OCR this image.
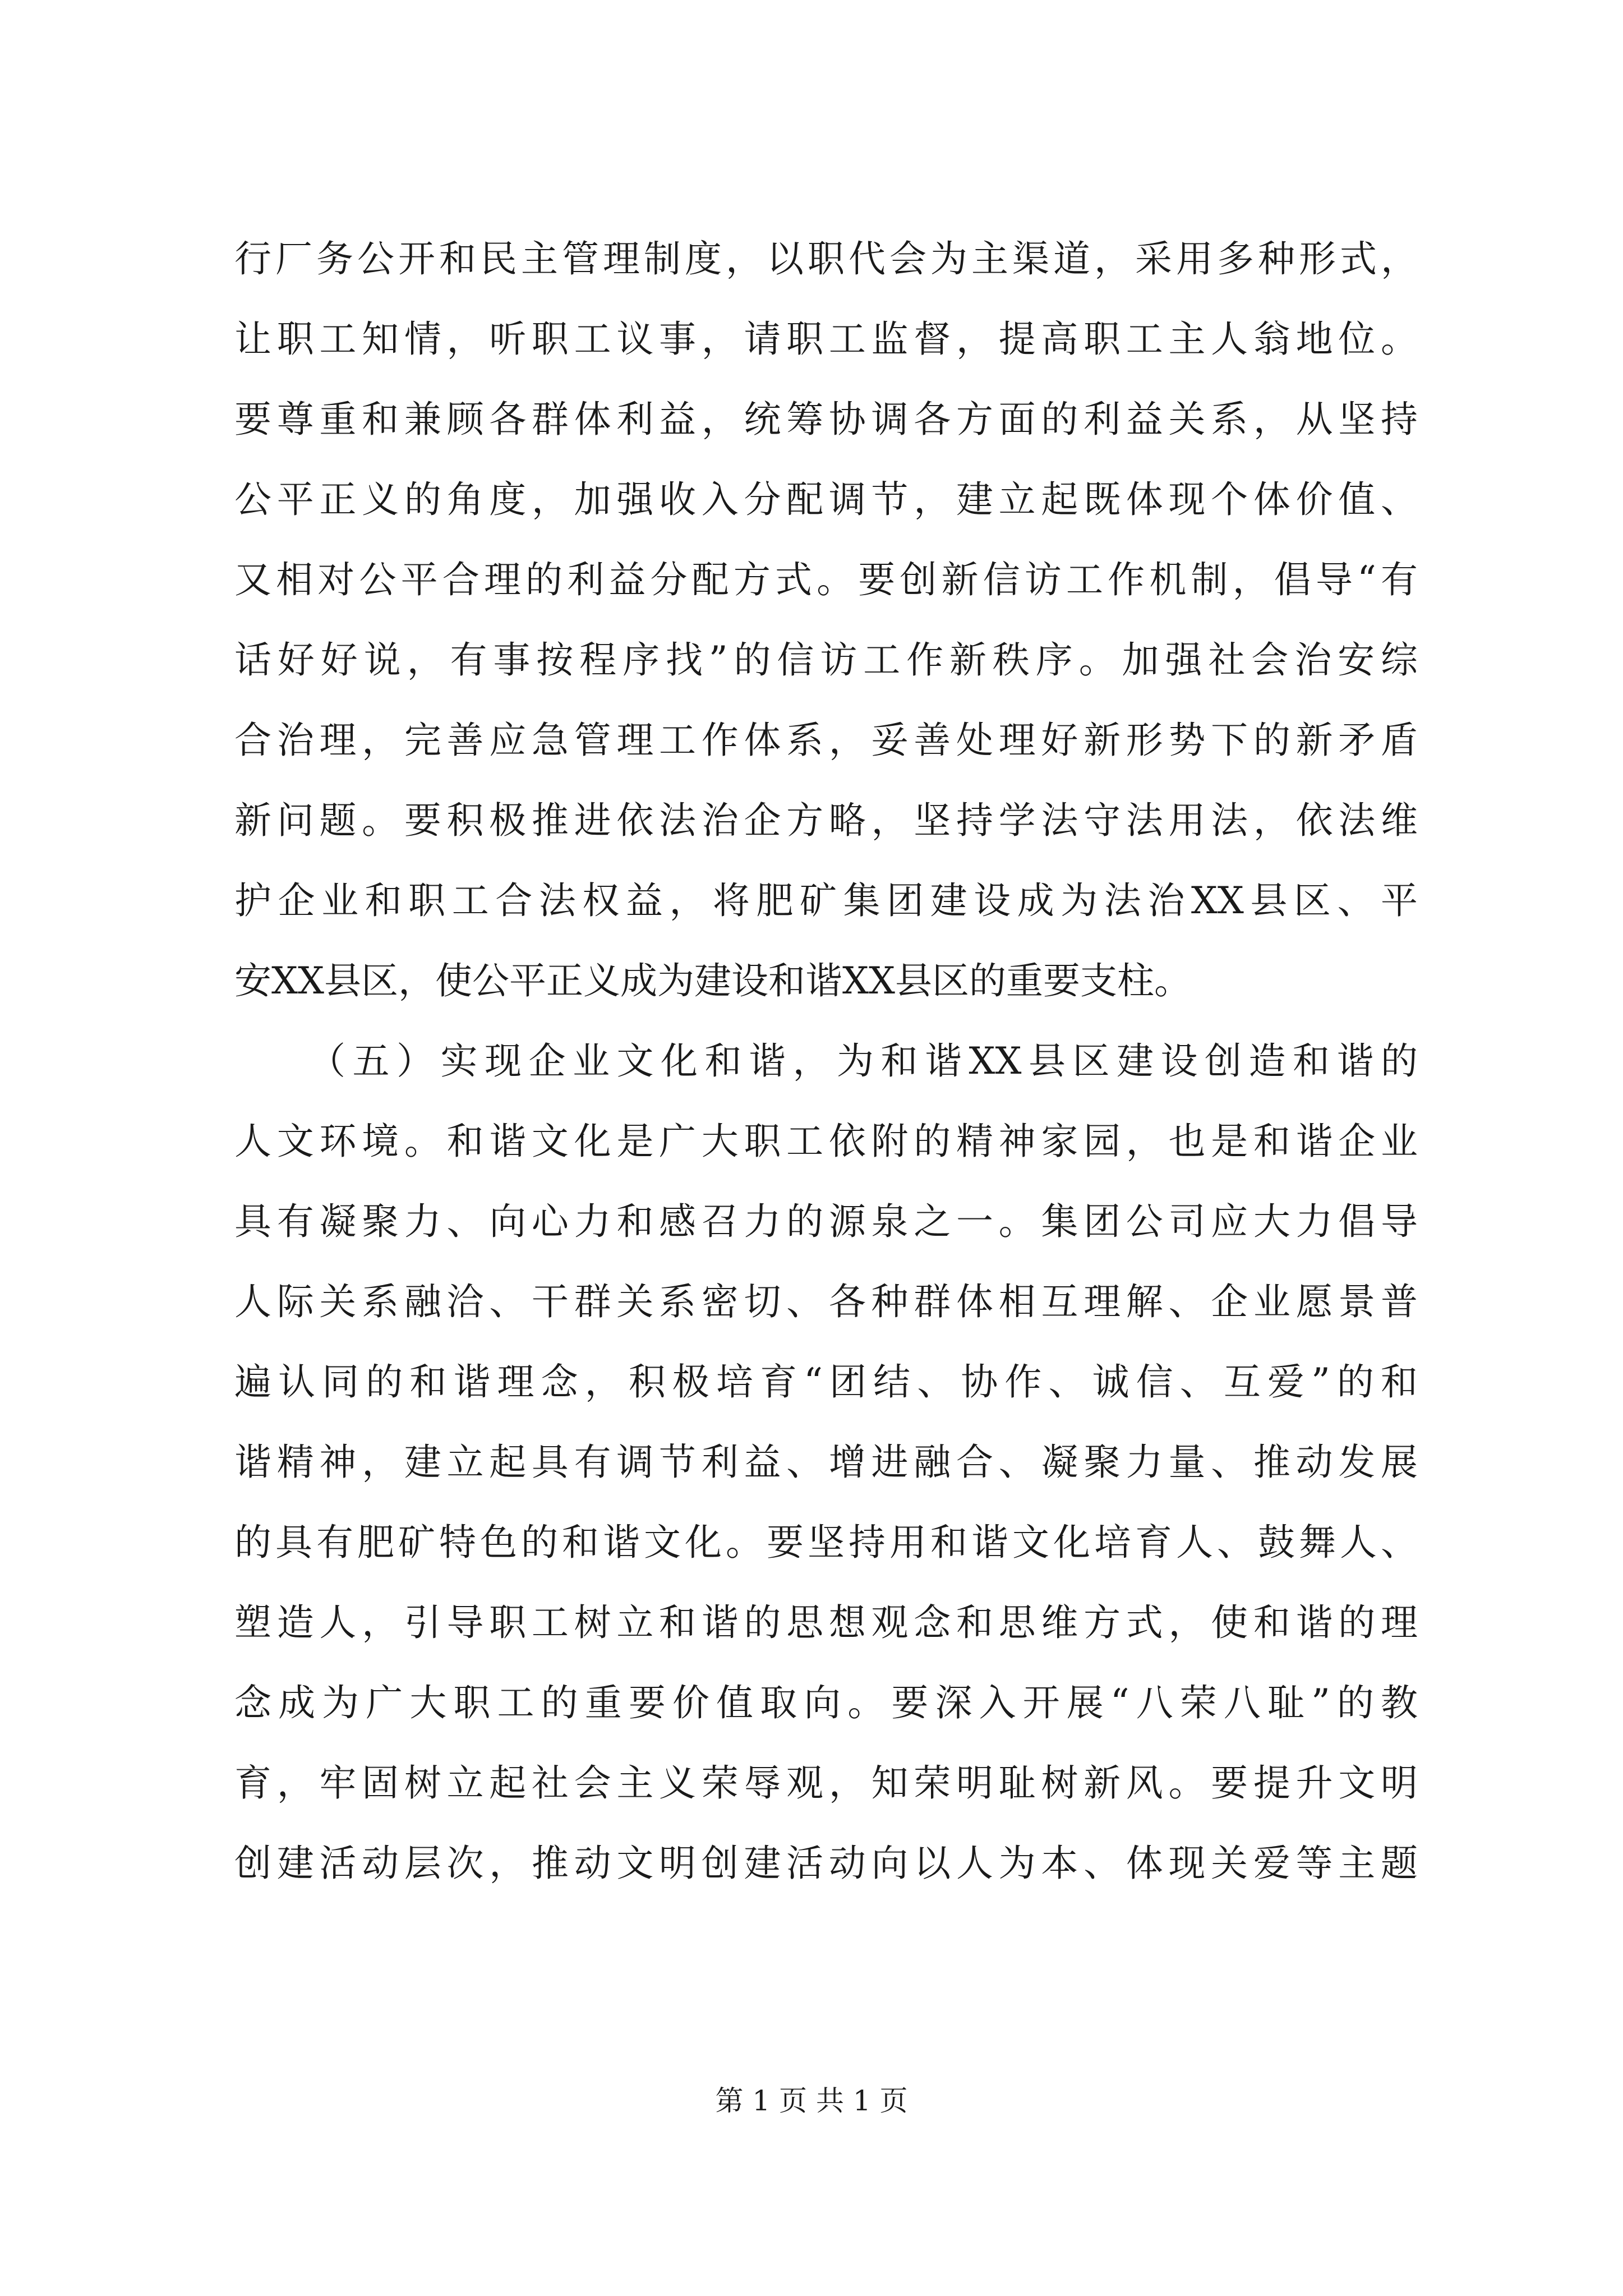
行厂务公开和民主管理制度，以职代会为主渠道，采用多种形式，
让职工知情，听职工议事，请职工监督，提高职工主人翁地位。
要尊重和兼顾各群体利益，统筹协调各方面的利益关系，从坚持
公平正义的角度，加强收入分配调节，建立起既体现个体价值、
又相对公平合理的利益分配方式。要创新信访工作机制，倡导“有
话好好说，有事按程序找”的信访工作新秩序。加强社会治安综
合治理，完善应急管理工作体系，妥善处理好新形势下的新矛盾
新问题。要积极推进依法治企方略，坚持学法守法用法，依法维
护企业和职工合法权益，将肥矿集团建设成为法治XX县区、平
安XX县区，使公平正义成为建设和谐XX县区的重要支柱。
（五）实现企业文化和谐，为和谐XX县区建设创造和谐的
人文环境。和谐文化是广大职工依附的精神家园，也是和谐企业
具有凝聚力、向心力和感召力的源泉之一。集团公司应大力倡导
人际关系融洽、干群关系密切、各种群体相互理解、企业愿景普
遍认同的和谐理念，积极培育“团结、协作、诚信、互爱”的和
谐精神，建立起具有调节利益、增进融合、凝聚力量、推动发展
的具有肥矿特色的和谐文化。要坚持用和谐文化培育人、鼓舞人、
塑造人，引导职工树立和谐的思想观念和思维方式，使和谐的理
念成为广大职工的重要价值取向。要深入开展“八荣八耻”的教
育，牢固树立起社会主义荣辱观，知荣明耻树新风。要提升文明
创建活动层次，推动文明创建活动向以人为本、体现关爱等主题
第 1 页 共 1 页
